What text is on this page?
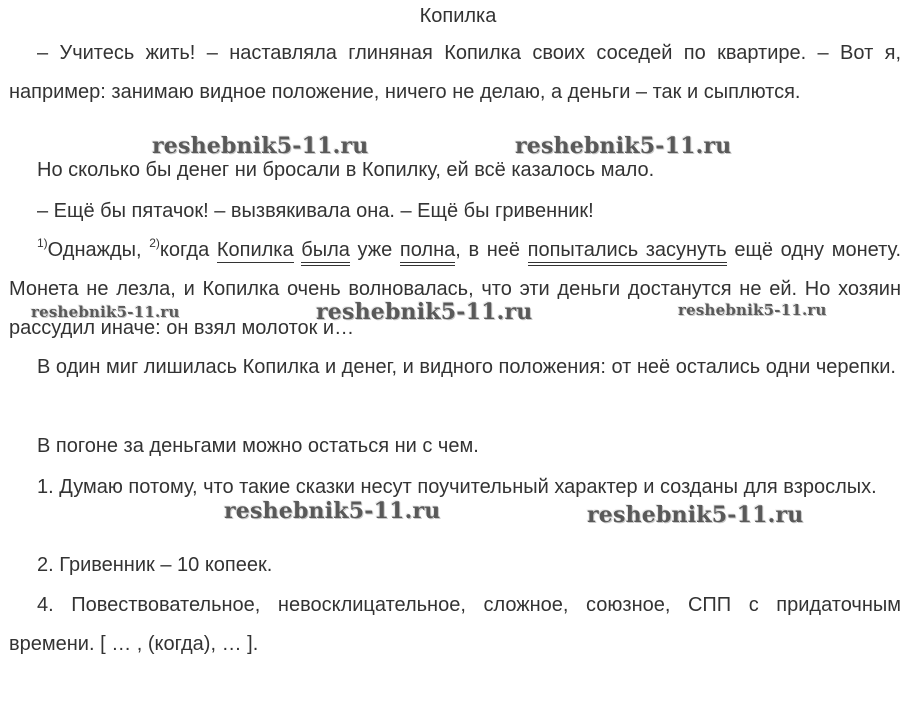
Копилка

– Учитесь жить! – наставляла глиняная Копилка своих соседей по квартире. – Вот я, например: занимаю видное положение, ничего не делаю, а деньги – так и сыплются.

Но сколько бы денег ни бросали в Копилку, ей всё казалось мало.

– Ещё бы пятачок! – вызвякивала она. – Ещё бы гривенник!

$^{1)}$Однажды, $^{2)}$когда Копилка была уже полна, в неё попытались засунуть ещё одну монету. Монета не лезла, и Копилка очень волновалась, что эти деньги достанутся не ей. Но хозяин рассудил иначе: он взял молоток и…

В один миг лишилась Копилка и денег, и видного положения: от неё остались одни черепки.

В погоне за деньгами можно остаться ни с чем.

1. Думаю потому, что такие сказки несут поучительный характер и созданы для взрослых.

2. Гривенник – 10 копеек.

4. Повествовательное, невосклицательное, сложное, союзное, СПП с придаточным времени. [ … , (когда), … ].

reshebnik5-11.ru	reshebnik5-11.ru
reshebnik5-11.ru	reshebnik5-11.ru	reshebnik5-11.ru
reshebnik5-11.ru	reshebnik5-11.ru
